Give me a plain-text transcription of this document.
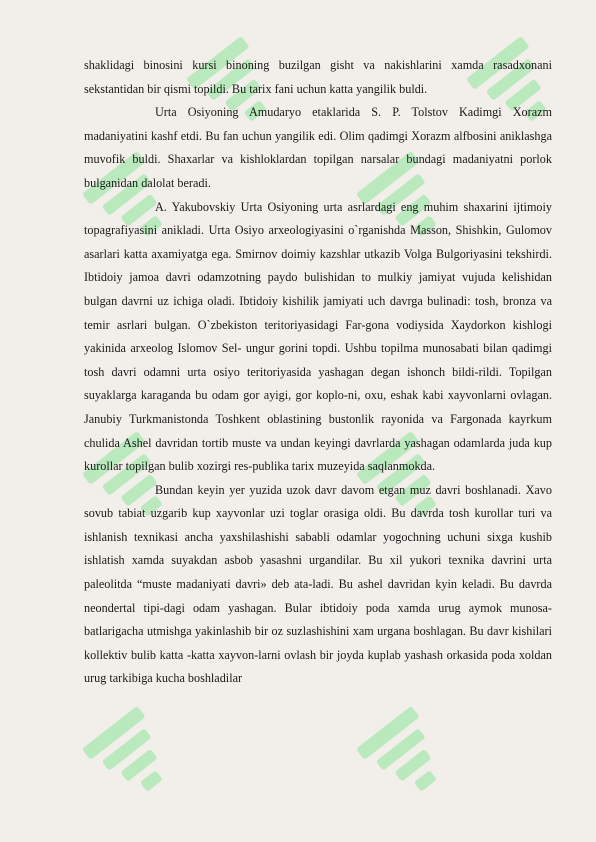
shaklidagi binosini kursi binoning buzilgan gisht va nakishlarini xamda rasadxonani sekstantidan bir qismi topildi. Bu tarix fani uchun katta yangilik buldi.

Urta Osiyoning Amudaryo etaklarida S. P. Tolstov Kadimgi Xorazm madaniyatini kashf etdi. Bu fan uchun yangilik edi. Olim qadimgi Xorazm alfbosini aniklashga muvofik buldi. Shaxarlar va kishloklardan topilgan narsalar bundagi madaniyatni porlok bulganidan dalolat beradi.

A. Yakubovskiy Urta Osiyoning urta asrlardagi eng muhim shaxarini ijtimoiy topagrafiyasini anikladi. Urta Osiyo arxeologiyasini o`rganishda Masson, Shishkin, Gulomov asarlari katta axamiyatga ega. Smirnov doimiy kazshlar utkazib Volga Bulgoriyasini tekshirdi. Ibtidoiy jamoa davri odamzotning paydo bulishidan to mulkiy jamiyat vujuda kelishidan bulgan davrni uz ichiga oladi. Ibtidoiy kishilik jamiyati uch davrga bulinadi: tosh, bronza va temir asrlari bulgan. O`zbekiston teritoriyasidagi Far-gona vodiysida Xaydorkon kishlogi yakinida arxeolog Islomov Sel- ungur gorini topdi. Ushbu topilma munosabati bilan qadimgi tosh davri odamni urta osiyo teritoriyasida yashagan degan ishonch bildi-rildi. Topilgan suyaklarga karaganda bu odam gor ayigi, gor koplo-ni, oxu, eshak kabi xayvonlarni ovlagan. Janubiy Turkmanistonda Toshkent oblastining bustonlik rayonida va Fargonada kayrkum chulida Ashel davridan tortib muste va undan keyingi davrlarda yashagan odamlarda juda kup kurollar topilgan bulib xozirgi res-publika tarix muzeyida saqlanmokda.

Bundan keyin yer yuzida uzok davr davom etgan muz davri boshlanadi. Xavo sovub tabiat uzgarib kup xayvonlar uzi toglar orasiga oldi. Bu davrda tosh kurollar turi va ishlanish texnikasi ancha yaxshilashishi sababli odamlar yogochning uchuni sixga kushib ishlatish xamda suyakdan asbob yasashni urgandilar. Bu xil yukori texnika davrini urta paleolitda “muste madaniyati davri» deb ata-ladi. Bu ashel davridan kyin keladi. Bu davrda neondertal tipi-dagi odam yashagan. Bular ibtidoiy poda xamda urug aymok munosa-batlarigacha utmishga yakinlashib bir oz suzlashishini xam urgana boshlagan. Bu davr kishilari kollektiv bulib katta -katta xayvon-larni ovlash bir joyda kuplab yashash orkasida poda xoldan urug tarkibiga kucha boshladilar
